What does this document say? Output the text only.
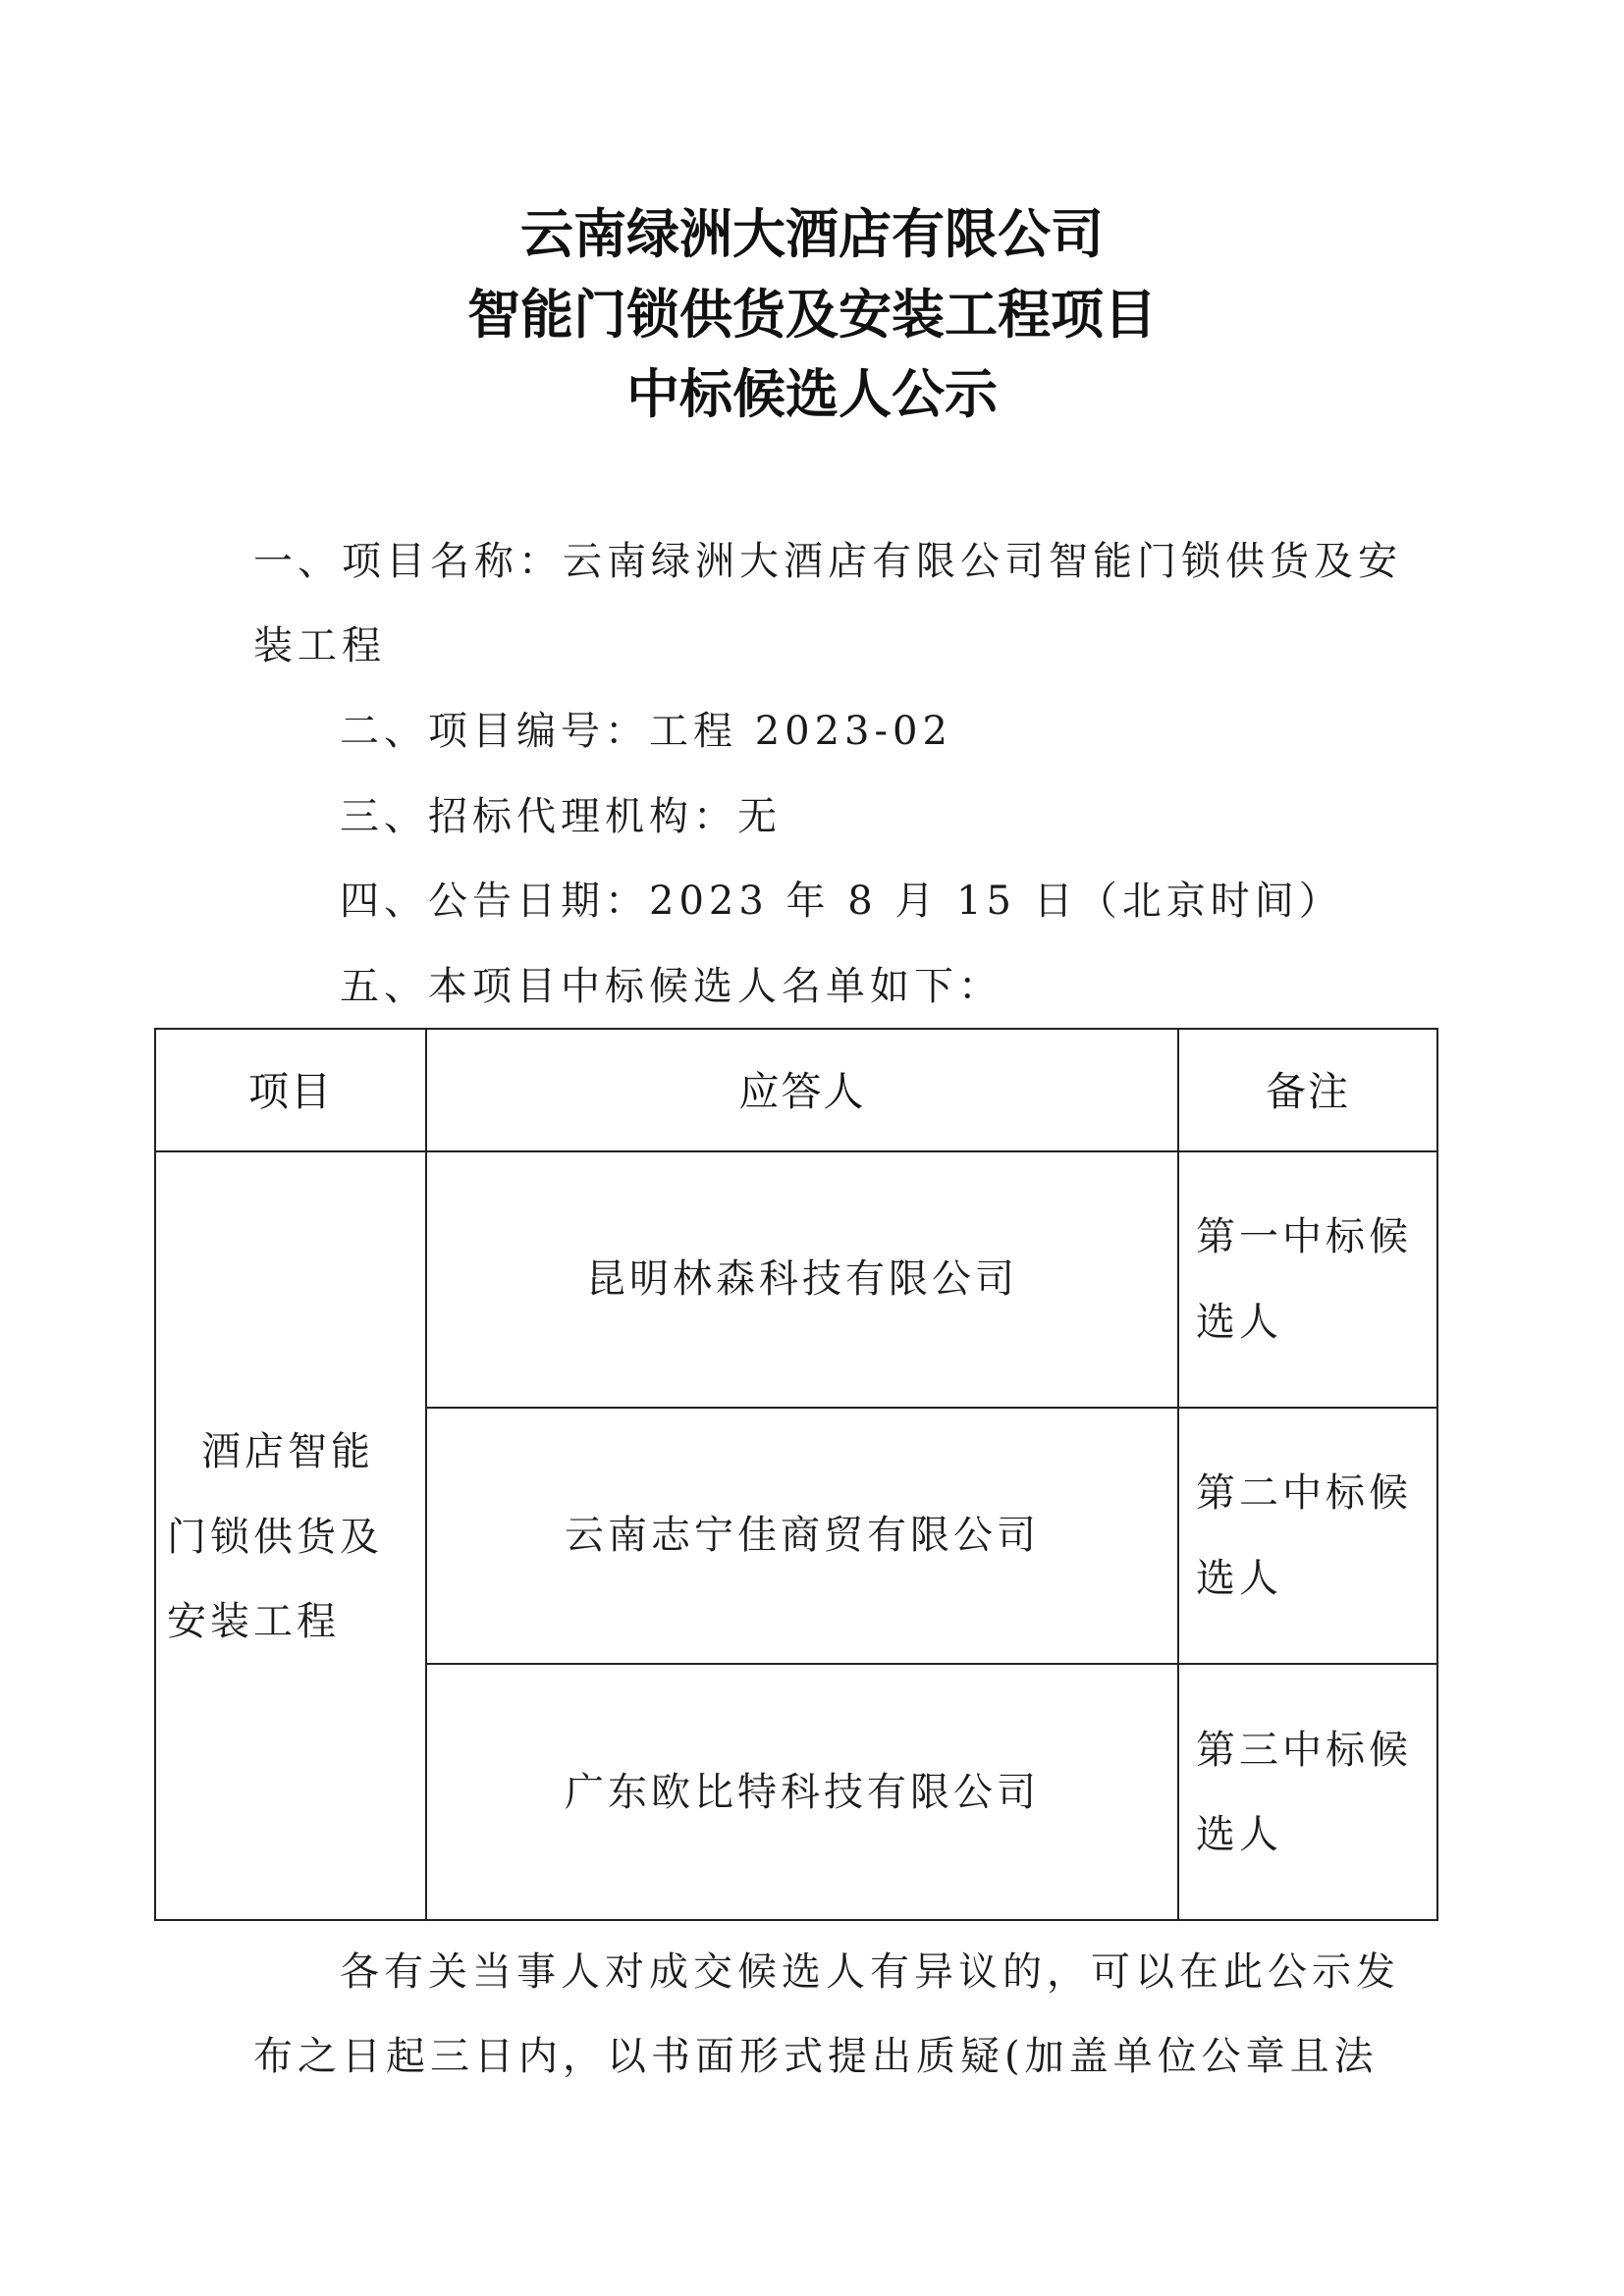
云南绿洲大酒店有限公司
智能门锁供货及安装工程项目
中标候选人公示
一、项目名称：云南绿洲大酒店有限公司智能门锁供货及安
装工程
二、项目编号：工程 2023-02
三、招标代理机构：无
四、公告日期：2023 年 8 月 15 日（北京时间）
五、本项目中标候选人名单如下：
项目	应答人	备注
酒店智能
门锁供货及
安装工程
昆明林森科技有限公司
第一中标候
选人
云南志宁佳商贸有限公司
第二中标候
选人
广东欧比特科技有限公司
第三中标候
选人
各有关当事人对成交候选人有异议的，可以在此公示发
布之日起三日内，以书面形式提出质疑(加盖单位公章且法
